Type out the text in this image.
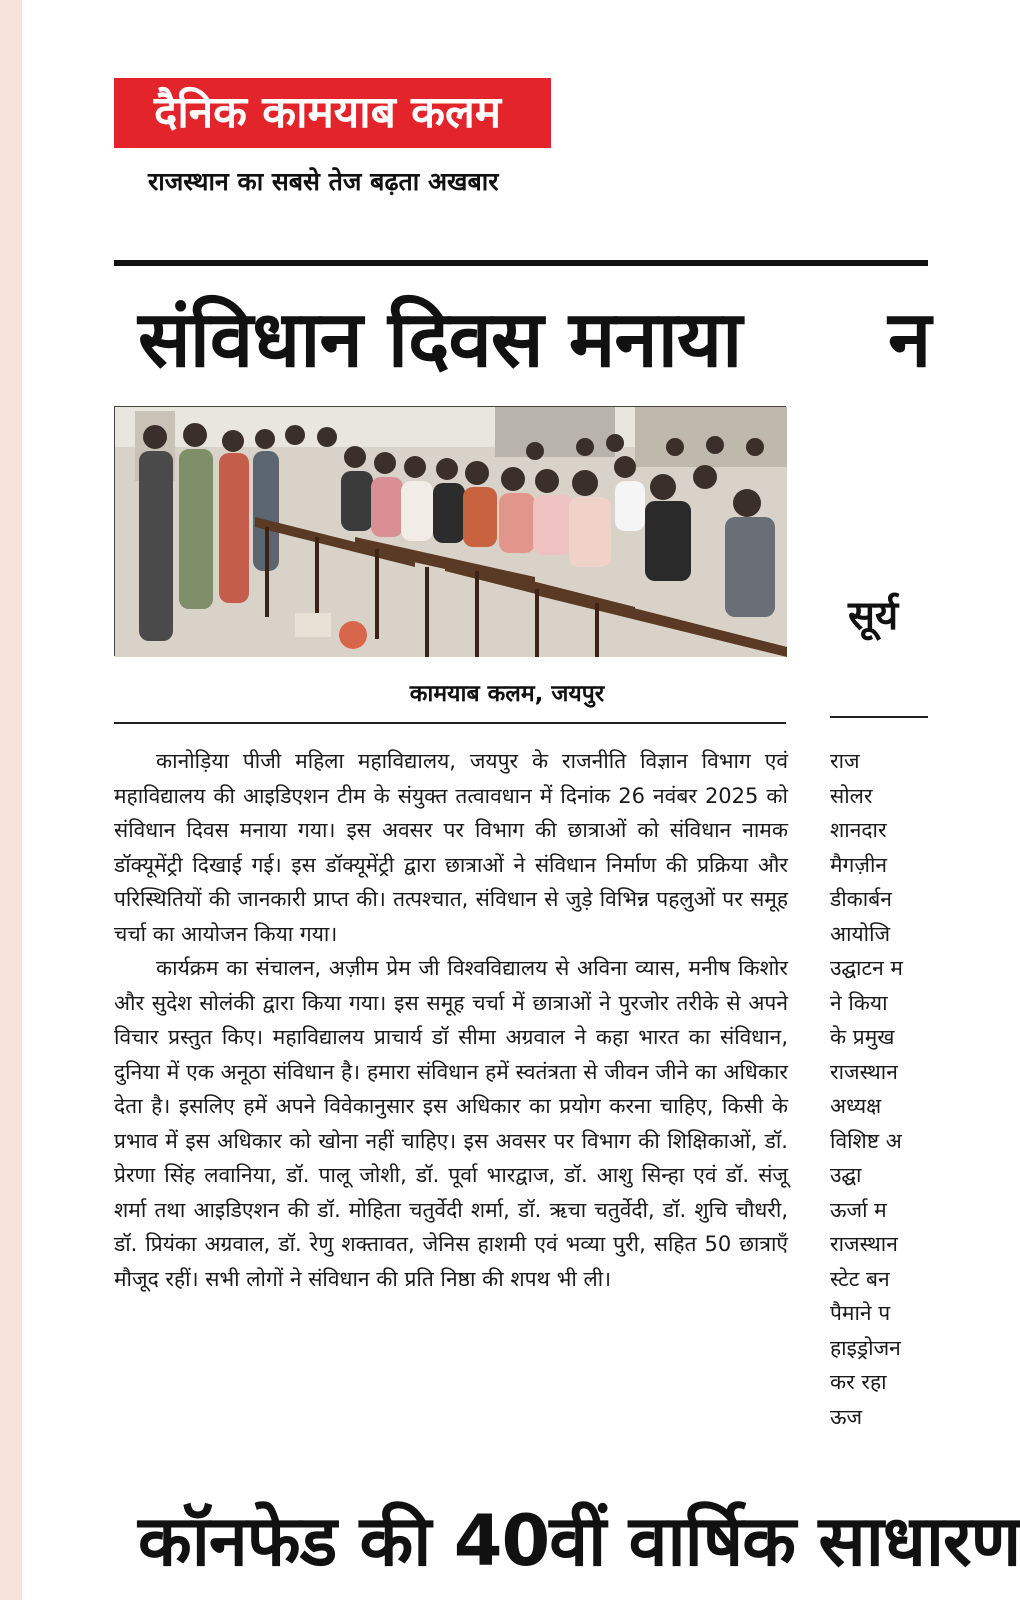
दैनिक कामयाब कलम
राजस्थान का सबसे तेज बढ़ता अखबार
संविधान दिवस मनाया न
कामयाब कलम, जयपुर

कानोड़िया पीजी महिला महाविद्यालय, जयपुर के राजनीति विज्ञान विभाग एवं महाविद्यालय की आइडिएशन टीम के संयुक्त तत्वावधान में दिनांक 26 नवंबर 2025 को संविधान दिवस मनाया गया। इस अवसर पर विभाग की छात्राओं को संविधान नामक डॉक्यूमेंट्री दिखाई गई। इस डॉक्यूमेंट्री द्वारा छात्राओं ने संविधान निर्माण की प्रक्रिया और परिस्थितियों की जानकारी प्राप्त की। तत्पश्चात, संविधान से जुड़े विभिन्न पहलुओं पर समूह चर्चा का आयोजन किया गया।

कार्यक्रम का संचालन, अज़ीम प्रेम जी विश्वविद्यालय से अविना व्यास, मनीष किशोर और सुदेश सोलंकी द्वारा किया गया। इस समूह चर्चा में छात्राओं ने पुरजोर तरीके से अपने विचार प्रस्तुत किए। महाविद्यालय प्राचार्य डॉ सीमा अग्रवाल ने कहा भारत का संविधान, दुनिया में एक अनूठा संविधान है। हमारा संविधान हमें स्वतंत्रता से जीवन जीने का अधिकार देता है। इसलिए हमें अपने विवेकानुसार इस अधिकार का प्रयोग करना चाहिए, किसी के प्रभाव में इस अधिकार को खोना नहीं चाहिए। इस अवसर पर विभाग की शिक्षिकाओं, डॉ. प्रेरणा सिंह लवानिया, डॉ. पालू जोशी, डॉ. पूर्वा भारद्वाज, डॉ. आशु सिन्हा एवं डॉ. संजू शर्मा तथा आइडिएशन की डॉ. मोहिता चतुर्वेदी शर्मा, डॉ. ऋचा चतुर्वेदी, डॉ. शुचि चौधरी, डॉ. प्रियंका अग्रवाल, डॉ. रेणु शक्तावत, जेनिस हाशमी एवं भव्या पुरी, सहित 50 छात्राएँ मौजूद रहीं। सभी लोगों ने संविधान की प्रति निष्ठा की शपथ भी ली।

सूर्य
राज
सोलर
शानदार
मैगज़ीन
डीकार्बन
आयोजि
उद्घाटन म
ने किया
के प्रमुख
राजस्थान
अध्यक्ष
विशिष्ट अ
उद्घा
ऊर्जा म
राजस्थान
स्टेट बन
पैमाने प
हाइड्रोजन
कर रहा
ऊज
कॉनफेड की 40वीं वार्षिक साधारण
